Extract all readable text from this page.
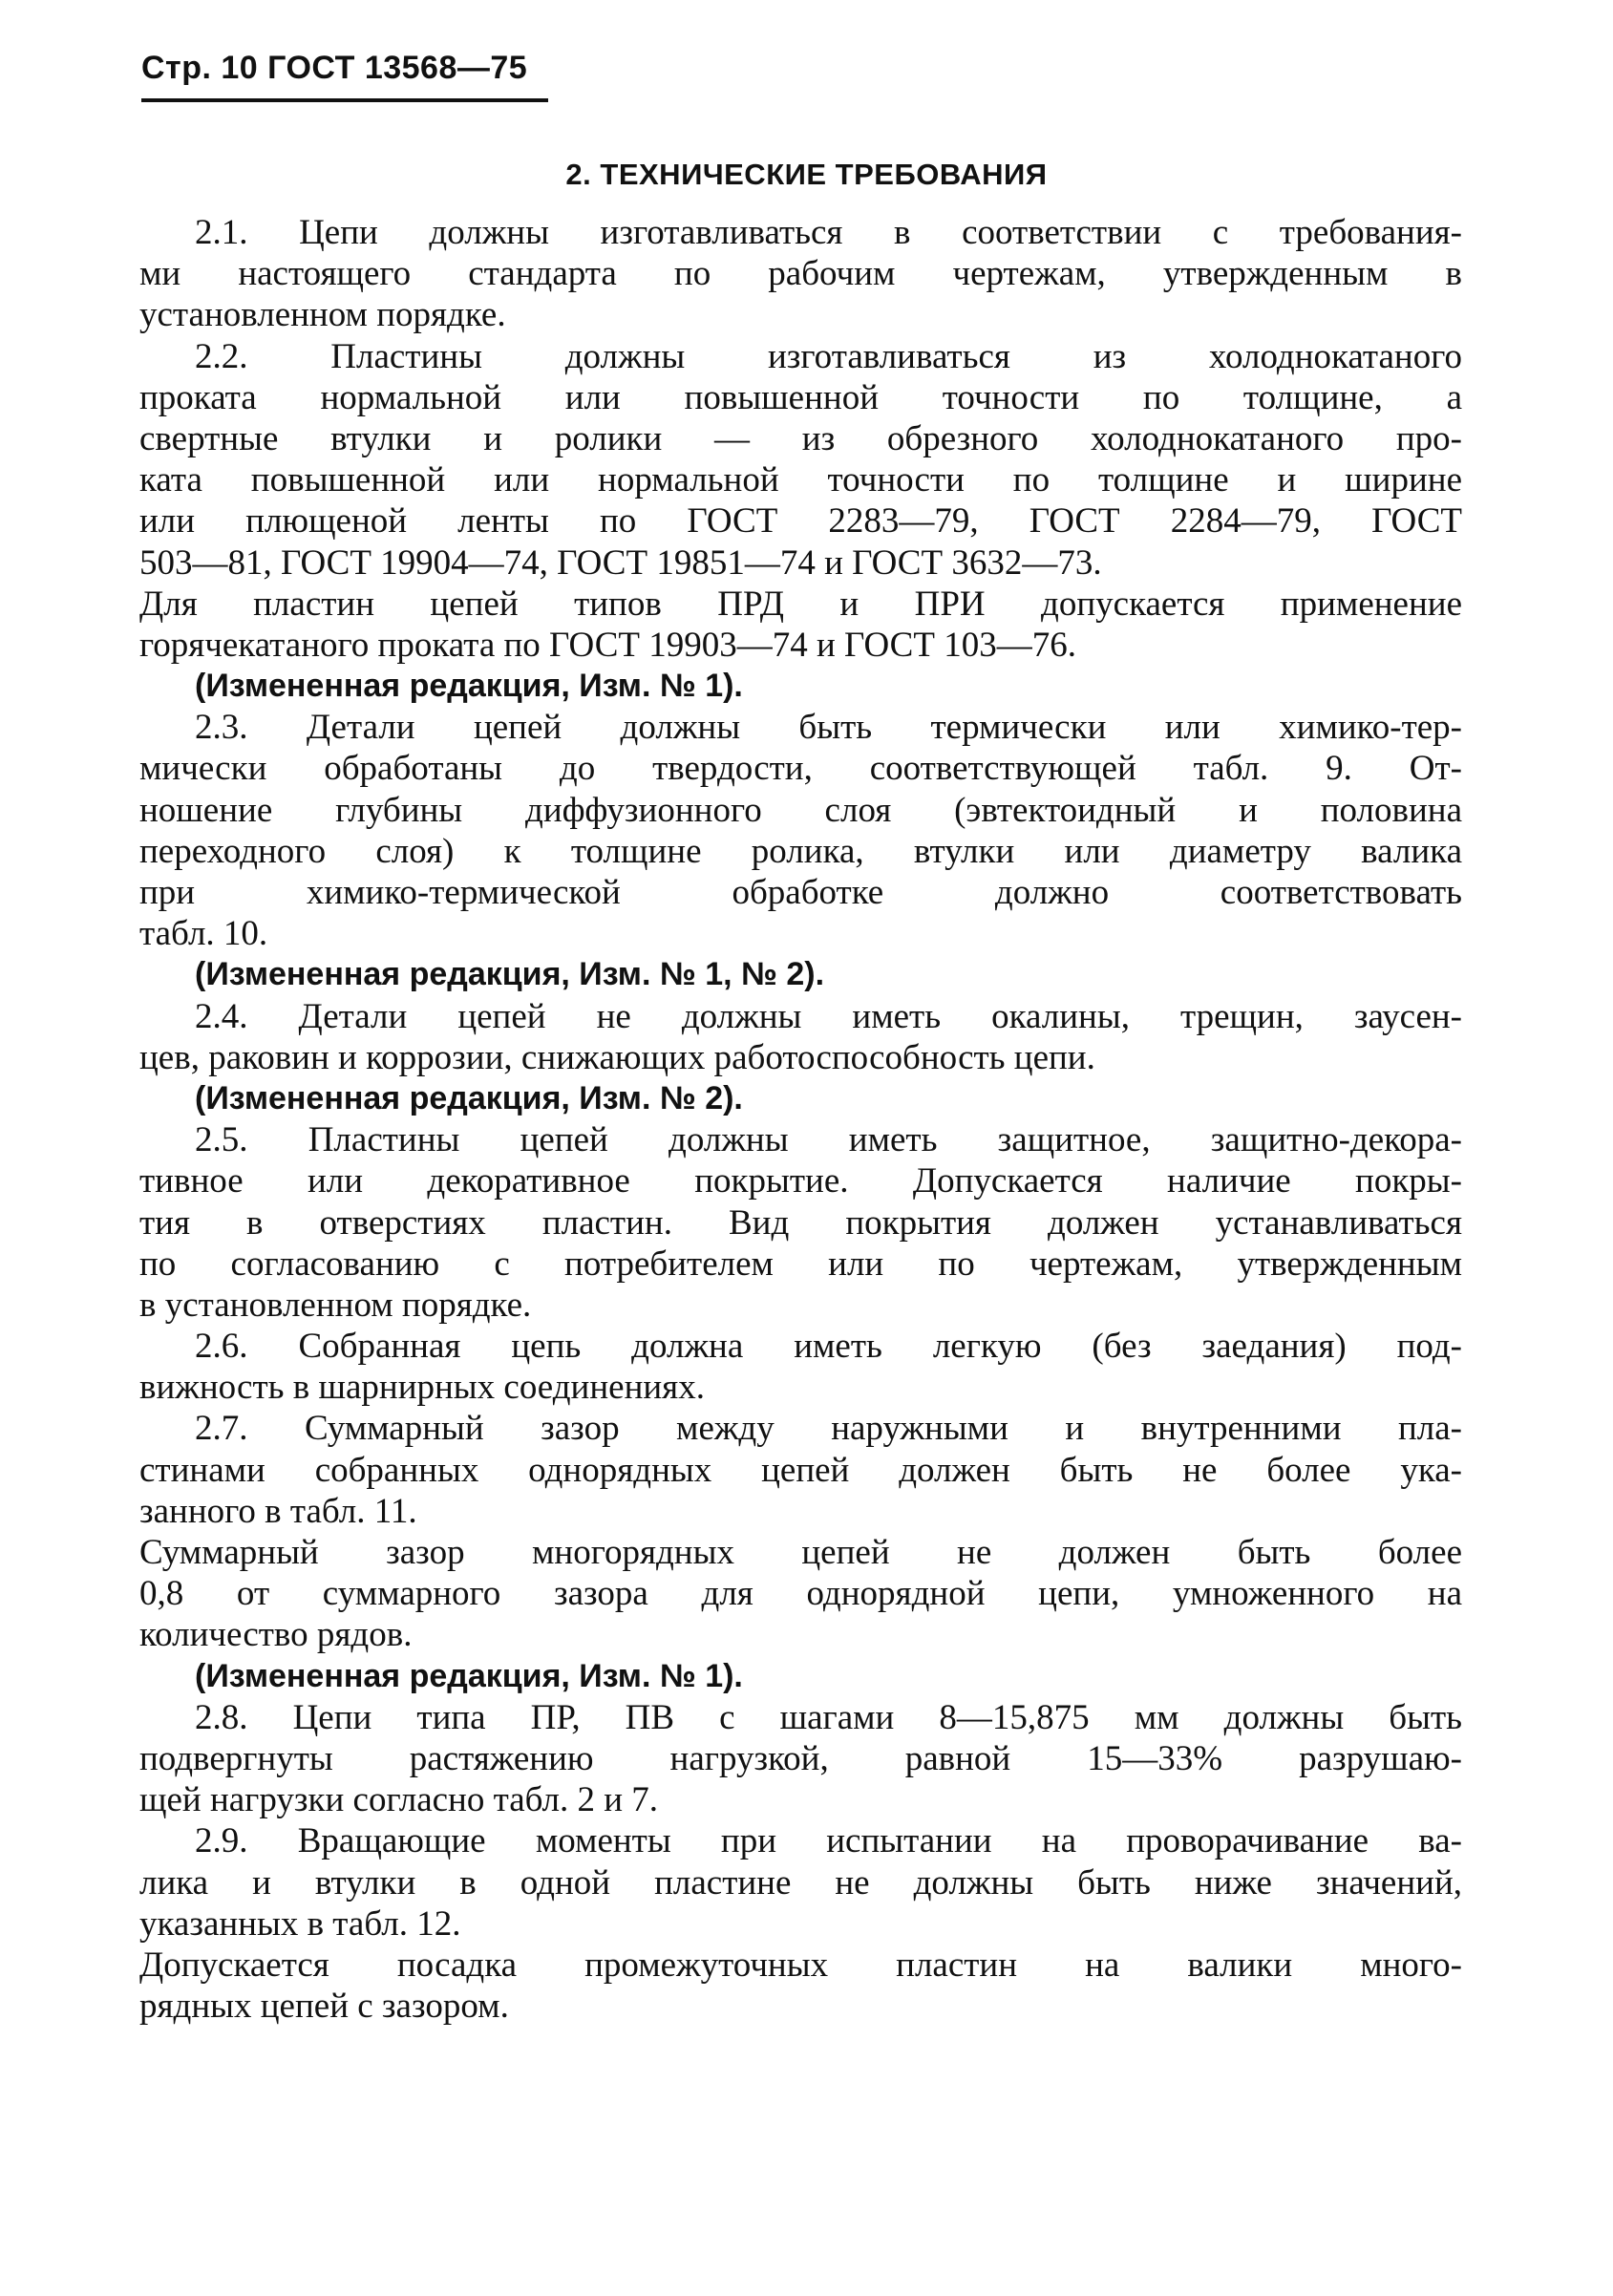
Стр. 10 ГОСТ 13568—75
2. ТЕХНИЧЕСКИЕ ТРЕБОВАНИЯ
2.1. Цепи должны изготавливаться в соответствии с требования-
ми настоящего стандарта по рабочим чертежам, утвержденным в
установленном порядке.
2.2. Пластины должны изготавливаться из холоднокатаного
проката нормальной или повышенной точности по толщине, а
свертные втулки и ролики — из обрезного холоднокатаного про-
ката повышенной или нормальной точности по толщине и ширине
или плющеной ленты по ГОСТ 2283—79, ГОСТ 2284—79, ГОСТ
503—81, ГОСТ 19904—74, ГОСТ 19851—74 и ГОСТ 3632—73.
Для пластин цепей типов ПРД и ПРИ допускается применение
горячекатаного проката по ГОСТ 19903—74 и ГОСТ 103—76.
(Измененная редакция, Изм. № 1).
2.3. Детали цепей должны быть термически или химико-тер-
мически обработаны до твердости, соответствующей табл. 9. От-
ношение глубины диффузионного слоя (эвтектоидный и половина
переходного слоя) к толщине ролика, втулки или диаметру валика
при химико-термической обработке должно соответствовать
табл. 10.
(Измененная редакция, Изм. № 1, № 2).
2.4. Детали цепей не должны иметь окалины, трещин, заусен-
цев, раковин и коррозии, снижающих работоспособность цепи.
(Измененная редакция, Изм. № 2).
2.5. Пластины цепей должны иметь защитное, защитно-декора-
тивное или декоративное покрытие. Допускается наличие покры-
тия в отверстиях пластин. Вид покрытия должен устанавливаться
по согласованию с потребителем или по чертежам, утвержденным
в установленном порядке.
2.6. Собранная цепь должна иметь легкую (без заедания) под-
вижность в шарнирных соединениях.
2.7. Суммарный зазор между наружными и внутренними пла-
стинами собранных однорядных цепей должен быть не более ука-
занного в табл. 11.
Суммарный зазор многорядных цепей не должен быть более
0,8 от суммарного зазора для однорядной цепи, умноженного на
количество рядов.
(Измененная редакция, Изм. № 1).
2.8. Цепи типа ПР, ПВ с шагами 8—15,875 мм должны быть
подвергнуты растяжению нагрузкой, равной 15—33% разрушаю-
щей нагрузки согласно табл. 2 и 7.
2.9. Вращающие моменты при испытании на проворачивание ва-
лика и втулки в одной пластине не должны быть ниже значений,
указанных в табл. 12.
Допускается посадка промежуточных пластин на валики много-
рядных цепей с зазором.
